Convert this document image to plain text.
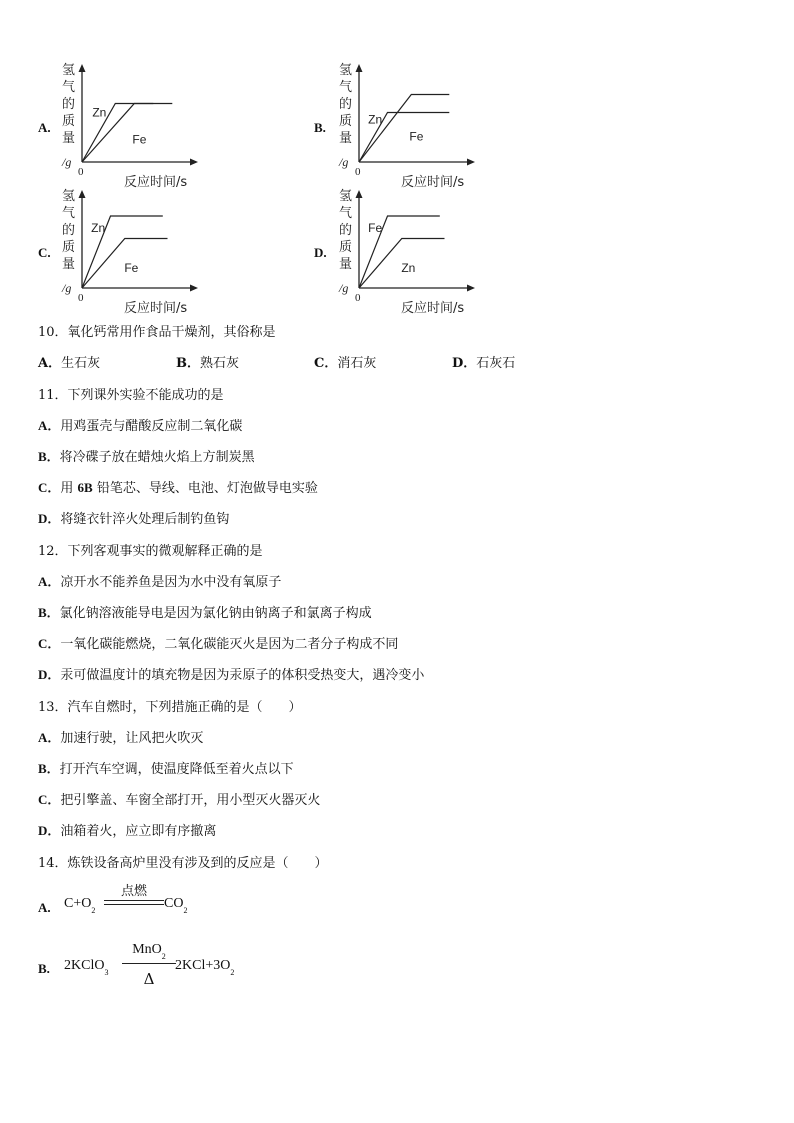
A.
氢
气
的
质
量
/g
0
反应时间/s
Zn
Fe
B.
氢
气
的
质
量
/g
0
反应时间/s
Zn
Fe
C.
氢
气
的
质
量
/g
0
反应时间/s
Zn
Fe
D.
氢
气
的
质
量
/g
0
反应时间/s
Fe
Zn
10．氧化钙常用作食品干燥剂，其俗称是
A．生石灰	B．熟石灰	C．消石灰	D．石灰石
11．下列课外实验不能成功的是
A．用鸡蛋壳与醋酸反应制二氧化碳
B．将冷碟子放在蜡烛火焰上方制炭黑
C．用 6B 铅笔芯、导线、电池、灯泡做导电实验
D．将缝衣针淬火处理后制钓鱼钩
12．下列客观事实的微观解释正确的是
A．凉开水不能养鱼是因为水中没有氧原子
B．氯化钠溶液能导电是因为氯化钠由钠离子和氯离子构成
C．一氧化碳能燃烧，二氧化碳能灭火是因为二者分子构成不同
D．汞可做温度计的填充物是因为汞原子的体积受热变大，遇冷变小
13．汽车自燃时，下列措施正确的是（　　）
A．加速行驶，让风把火吹灭
B．打开汽车空调，使温度降低至着火点以下
C．把引擎盖、车窗全部打开，用小型灭火器灭火
D．油箱着火，应立即有序撤离
14．炼铁设备高炉里没有涉及到的反应是（　　）
A. $C+O_2$
点燃
$CO_2$
B. 2KClO$_3$
MnO$_2$
Δ
$2KCl+3O_2$
